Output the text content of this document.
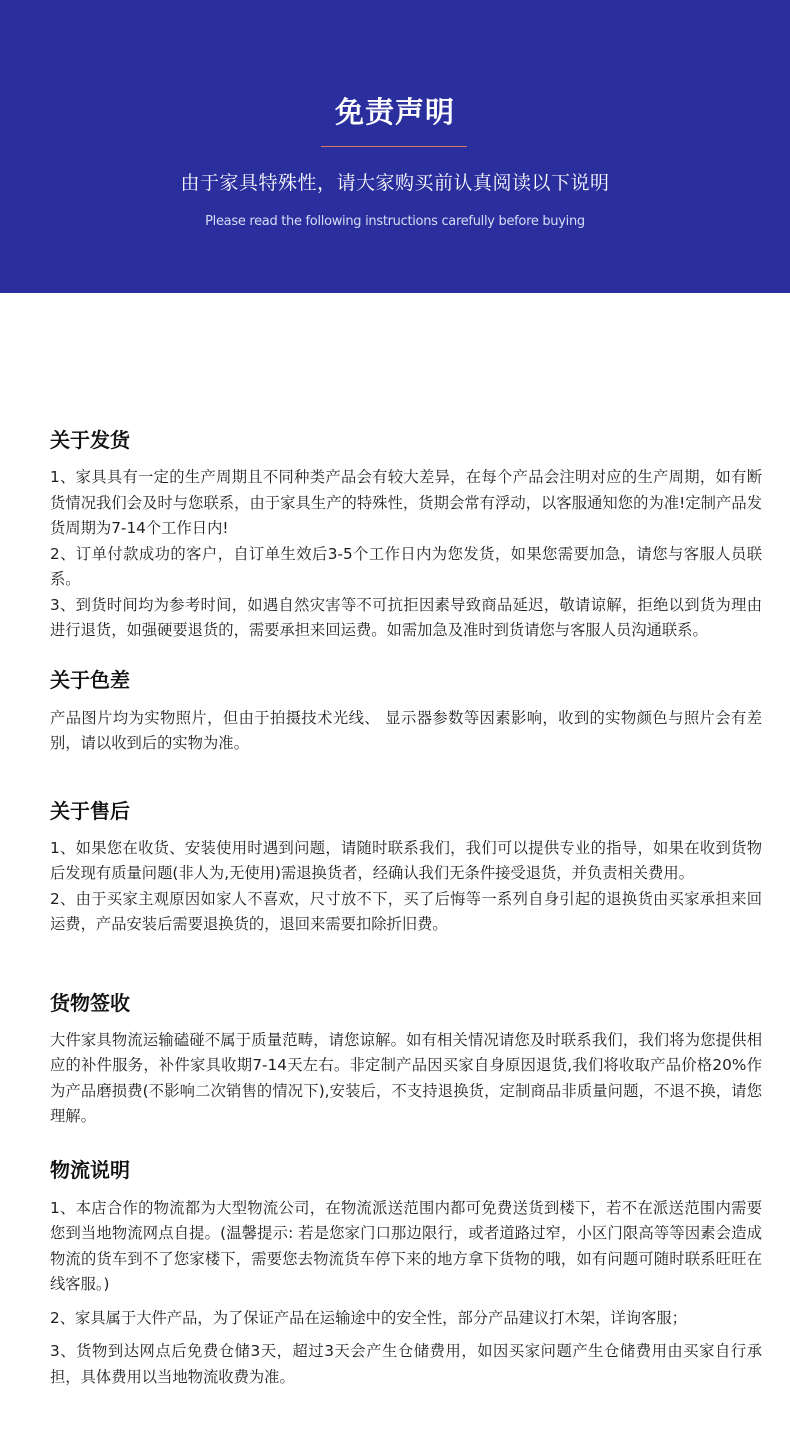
免责声明
由于家具特殊性，请大家购买前认真阅读以下说明
Please read the following instructions carefully before buying
关于发货

1、家具具有一定的生产周期且不同种类产品会有较大差异，在每个产品会注明对应的生产周期，如有断货情况我们会及时与您联系，由于家具生产的特殊性，货期会常有浮动，以客服通知您的为准!定制产品发货周期为7-14个工作日内!

2、订单付款成功的客户，自订单生效后3-5个工作日内为您发货，如果您需要加急，请您与客服人员联系。

3、到货时间均为参考时间，如遇自然灾害等不可抗拒因素导致商品延迟，敬请谅解，拒绝以到货为理由进行退货，如强硬要退货的，需要承担来回运费。如需加急及准时到货请您与客服人员沟通联系。

关于色差

产品图片均为实物照片，但由于拍摄技术光线、 显示器参数等因素影响，收到的实物颜色与照片会有差别，请以收到后的实物为准。

关于售后

1、如果您在收货、安装使用时遇到问题，请随时联系我们，我们可以提供专业的指导，如果在收到货物后发现有质量问题(非人为,无使用)需退换货者，经确认我们无条件接受退货，并负责相关费用。

2、由于买家主观原因如家人不喜欢，尺寸放不下，买了后悔等一系列自身引起的退换货由买家承担来回运费，产品安装后需要退换货的，退回来需要扣除折旧费。

货物签收

大件家具物流运输磕碰不属于质量范畴，请您谅解。如有相关情况请您及时联系我们，我们将为您提供相应的补件服务，补件家具收期7-14天左右。非定制产品因买家自身原因退货,我们将收取产品价格20%作为产品磨损费(不影响二次销售的情况下),安装后，不支持退换货，定制商品非质量问题，不退不换，请您理解。

物流说明

1、本店合作的物流都为大型物流公司，在物流派送范围内都可免费送货到楼下，若不在派送范围内需要您到当地物流网点自提。(温馨提示: 若是您家门口那边限行，或者道路过窄，小区门限高等等因素会造成物流的货车到不了您家楼下，需要您去物流货车停下来的地方拿下货物的哦，如有问题可随时联系旺旺在线客服。)

2、家具属于大件产品，为了保证产品在运输途中的安全性，部分产品建议打木架，详询客服；

3、货物到达网点后免费仓储3天，超过3天会产生仓储费用，如因买家问题产生仓储费用由买家自行承担，具体费用以当地物流收费为准。
